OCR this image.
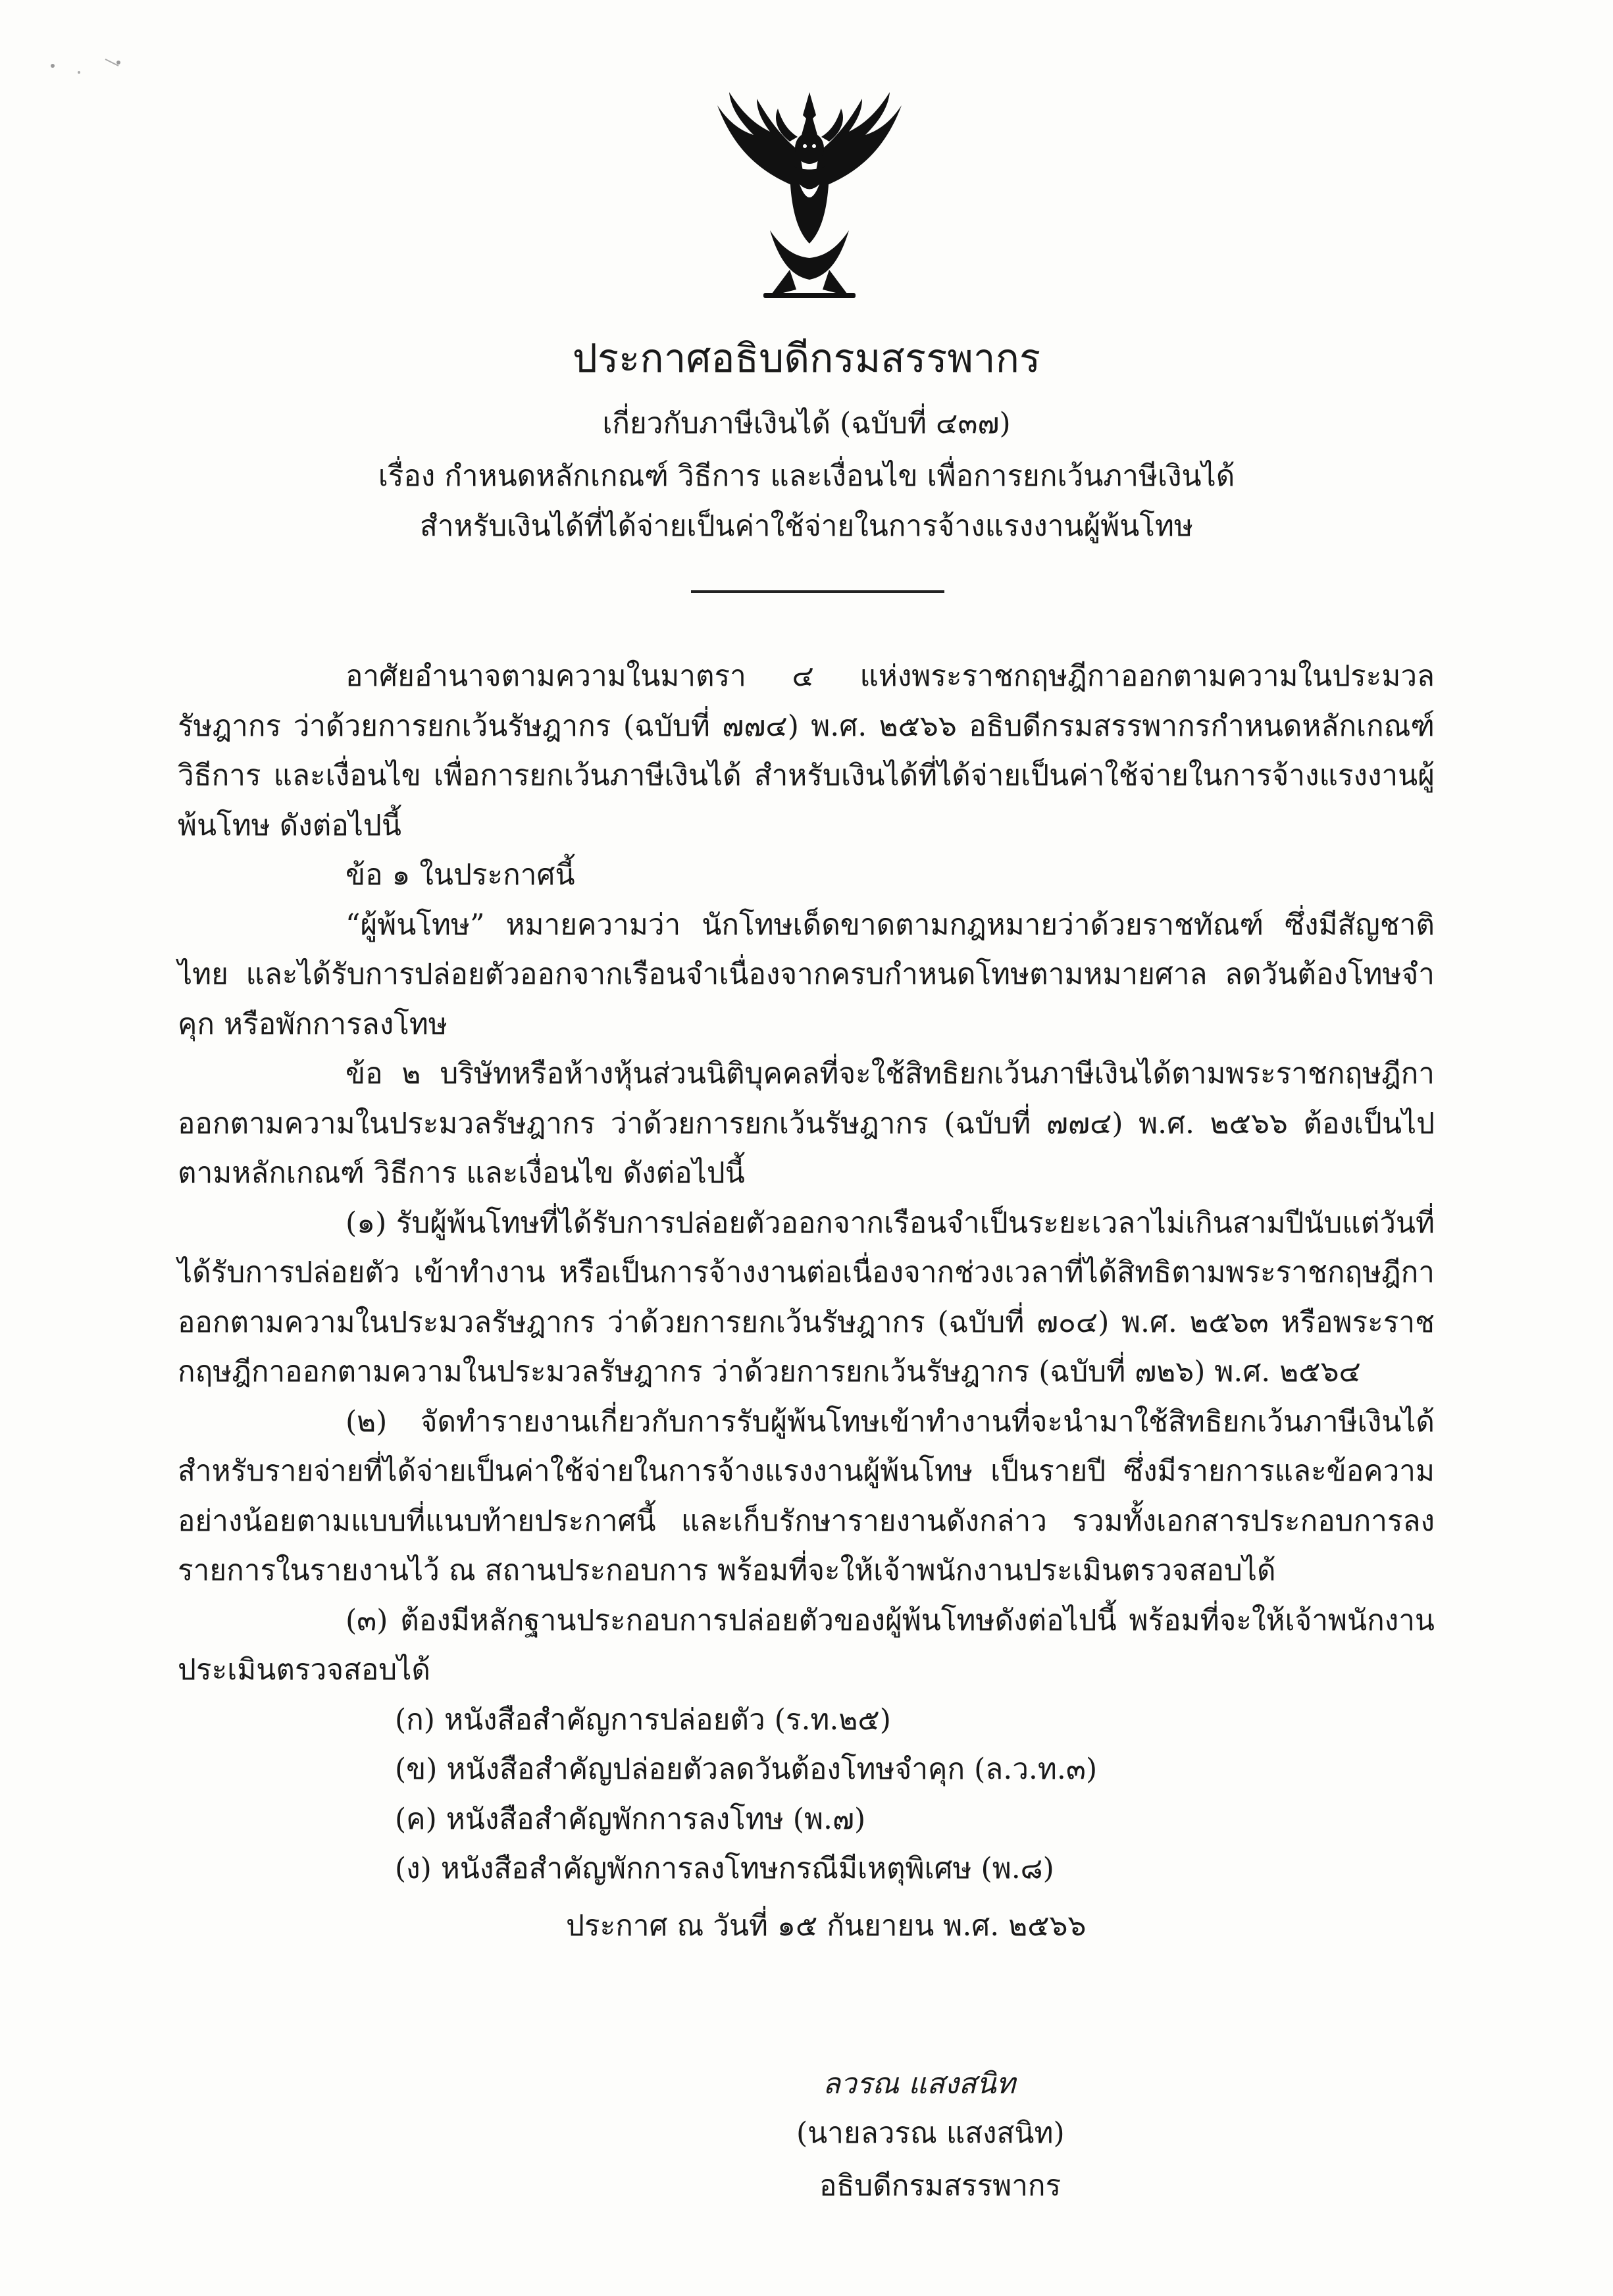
ประกาศอธิบดีกรมสรรพากร
เกี่ยวกับภาษีเงินได้ (ฉบับที่ ๔๓๗)
เรื่อง กำหนดหลักเกณฑ์ วิธีการ และเงื่อนไข เพื่อการยกเว้นภาษีเงินได้
สำหรับเงินได้ที่ได้จ่ายเป็นค่าใช้จ่ายในการจ้างแรงงานผู้พ้นโทษ

อาศัยอำนาจตามความในมาตรา ๔ แห่งพระราชกฤษฎีกาออกตามความในประมวลรัษฎากร ว่าด้วยการยกเว้นรัษฎากร (ฉบับที่ ๗๗๔) พ.ศ. ๒๕๖๖ อธิบดีกรมสรรพากรกำหนดหลักเกณฑ์ วิธีการ และเงื่อนไข เพื่อการยกเว้นภาษีเงินได้ สำหรับเงินได้ที่ได้จ่ายเป็นค่าใช้จ่ายในการจ้างแรงงานผู้พ้นโทษ ดังต่อไปนี้

ข้อ ๑ ในประกาศนี้

“ผู้พ้นโทษ” หมายความว่า นักโทษเด็ดขาดตามกฎหมายว่าด้วยราชทัณฑ์ ซึ่งมีสัญชาติไทย และได้รับการปล่อยตัวออกจากเรือนจำเนื่องจากครบกำหนดโทษตามหมายศาล ลดวันต้องโทษจำคุก หรือพักการลงโทษ

ข้อ ๒ บริษัทหรือห้างหุ้นส่วนนิติบุคคลที่จะใช้สิทธิยกเว้นภาษีเงินได้ตามพระราชกฤษฎีกาออกตามความในประมวลรัษฎากร ว่าด้วยการยกเว้นรัษฎากร (ฉบับที่ ๗๗๔) พ.ศ. ๒๕๖๖ ต้องเป็นไปตามหลักเกณฑ์ วิธีการ และเงื่อนไข ดังต่อไปนี้

(๑) รับผู้พ้นโทษที่ได้รับการปล่อยตัวออกจากเรือนจำเป็นระยะเวลาไม่เกินสามปีนับแต่วันที่ได้รับการปล่อยตัว เข้าทำงาน หรือเป็นการจ้างงานต่อเนื่องจากช่วงเวลาที่ได้สิทธิตามพระราชกฤษฎีกาออกตามความในประมวลรัษฎากร ว่าด้วยการยกเว้นรัษฎากร (ฉบับที่ ๗๐๔) พ.ศ. ๒๕๖๓ หรือพระราชกฤษฎีกาออกตามความในประมวลรัษฎากร ว่าด้วยการยกเว้นรัษฎากร (ฉบับที่ ๗๒๖) พ.ศ. ๒๕๖๔

(๒) จัดทำรายงานเกี่ยวกับการรับผู้พ้นโทษเข้าทำงานที่จะนำมาใช้สิทธิยกเว้นภาษีเงินได้สำหรับรายจ่ายที่ได้จ่ายเป็นค่าใช้จ่ายในการจ้างแรงงานผู้พ้นโทษ เป็นรายปี ซึ่งมีรายการและข้อความอย่างน้อยตามแบบที่แนบท้ายประกาศนี้ และเก็บรักษารายงานดังกล่าว รวมทั้งเอกสารประกอบการลงรายการในรายงานไว้ ณ สถานประกอบการ พร้อมที่จะให้เจ้าพนักงานประเมินตรวจสอบได้

(๓) ต้องมีหลักฐานประกอบการปล่อยตัวของผู้พ้นโทษดังต่อไปนี้ พร้อมที่จะให้เจ้าพนักงานประเมินตรวจสอบได้

(ก) หนังสือสำคัญการปล่อยตัว (ร.ท.๒๕)

(ข) หนังสือสำคัญปล่อยตัวลดวันต้องโทษจำคุก (ล.ว.ท.๓)

(ค) หนังสือสำคัญพักการลงโทษ (พ.๗)

(ง) หนังสือสำคัญพักการลงโทษกรณีมีเหตุพิเศษ (พ.๘)

ประกาศ ณ วันที่ ๑๕ กันยายน พ.ศ. ๒๕๖๖
ลวรณ แสงสนิท
(นายลวรณ แสงสนิท)
อธิบดีกรมสรรพากร
